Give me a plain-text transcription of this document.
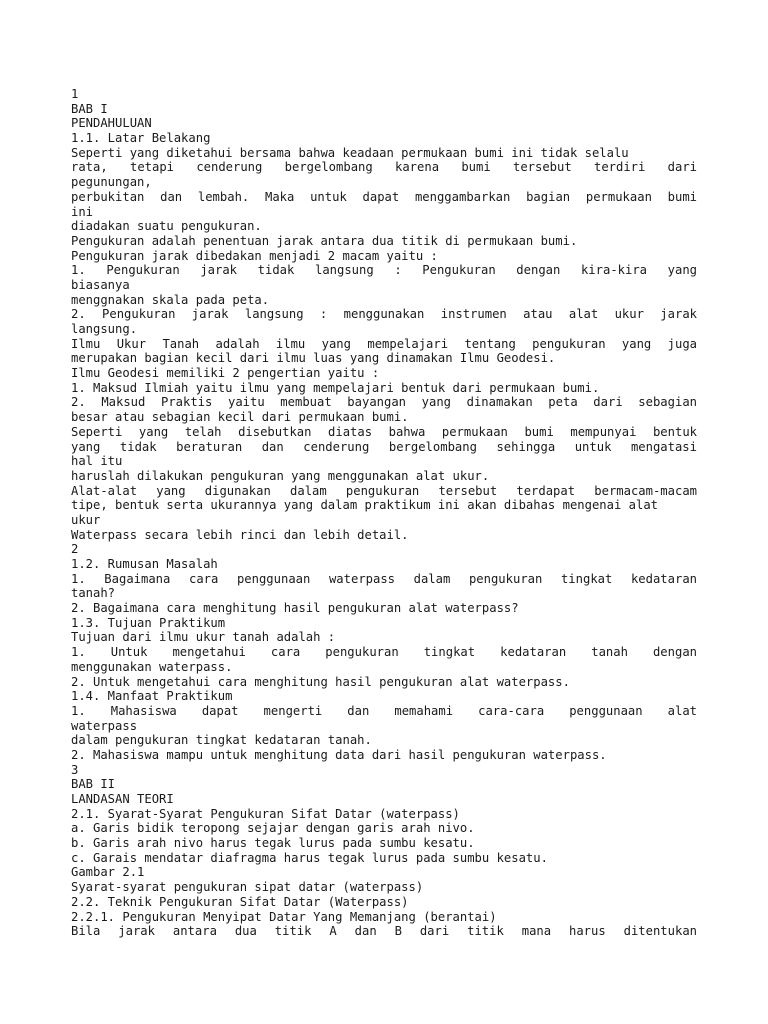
1
BAB I
PENDAHULUAN
1.1. Latar Belakang
Seperti yang diketahui bersama bahwa keadaan permukaan bumi ini tidak selalu
rata, tetapi cenderung bergelombang karena bumi tersebut terdiri dari
pegunungan,
perbukitan dan lembah. Maka untuk dapat menggambarkan bagian permukaan bumi
ini
diadakan suatu pengukuran.
Pengukuran adalah penentuan jarak antara dua titik di permukaan bumi.
Pengukuran jarak dibedakan menjadi 2 macam yaitu :
1. Pengukuran jarak tidak langsung : Pengukuran dengan kira-kira yang
biasanya
menggnakan skala pada peta.
2. Pengukuran jarak langsung : menggunakan instrumen atau alat ukur jarak
langsung.
Ilmu Ukur Tanah adalah ilmu yang mempelajari tentang pengukuran yang juga
merupakan bagian kecil dari ilmu luas yang dinamakan Ilmu Geodesi.
Ilmu Geodesi memiliki 2 pengertian yaitu :
1. Maksud Ilmiah yaitu ilmu yang mempelajari bentuk dari permukaan bumi.
2. Maksud Praktis yaitu membuat bayangan yang dinamakan peta dari sebagian
besar atau sebagian kecil dari permukaan bumi.
Seperti yang telah disebutkan diatas bahwa permukaan bumi mempunyai bentuk
yang tidak beraturan dan cenderung bergelombang sehingga untuk mengatasi
hal itu
haruslah dilakukan pengukuran yang menggunakan alat ukur.
Alat-alat yang digunakan dalam pengukuran tersebut terdapat bermacam-macam
tipe, bentuk serta ukurannya yang dalam praktikum ini akan dibahas mengenai alat
ukur
Waterpass secara lebih rinci dan lebih detail.
2
1.2. Rumusan Masalah
1. Bagaimana cara penggunaan waterpass dalam pengukuran tingkat kedataran
tanah?
2. Bagaimana cara menghitung hasil pengukuran alat waterpass?
1.3. Tujuan Praktikum
Tujuan dari ilmu ukur tanah adalah :
1. Untuk mengetahui cara pengukuran tingkat kedataran tanah dengan
menggunakan waterpass.
2. Untuk mengetahui cara menghitung hasil pengukuran alat waterpass.
1.4. Manfaat Praktikum
1. Mahasiswa dapat mengerti dan memahami cara-cara penggunaan alat
waterpass
dalam pengukuran tingkat kedataran tanah.
2. Mahasiswa mampu untuk menghitung data dari hasil pengukuran waterpass.
3
BAB II
LANDASAN TEORI
2.1. Syarat-Syarat Pengukuran Sifat Datar (waterpass)
a. Garis bidik teropong sejajar dengan garis arah nivo.
b. Garis arah nivo harus tegak lurus pada sumbu kesatu.
c. Garais mendatar diafragma harus tegak lurus pada sumbu kesatu.
Gambar 2.1
Syarat-syarat pengukuran sipat datar (waterpass)
2.2. Teknik Pengukuran Sifat Datar (Waterpass)
2.2.1. Pengukuran Menyipat Datar Yang Memanjang (berantai)
Bila jarak antara dua titik A dan B dari titik mana harus ditentukan
